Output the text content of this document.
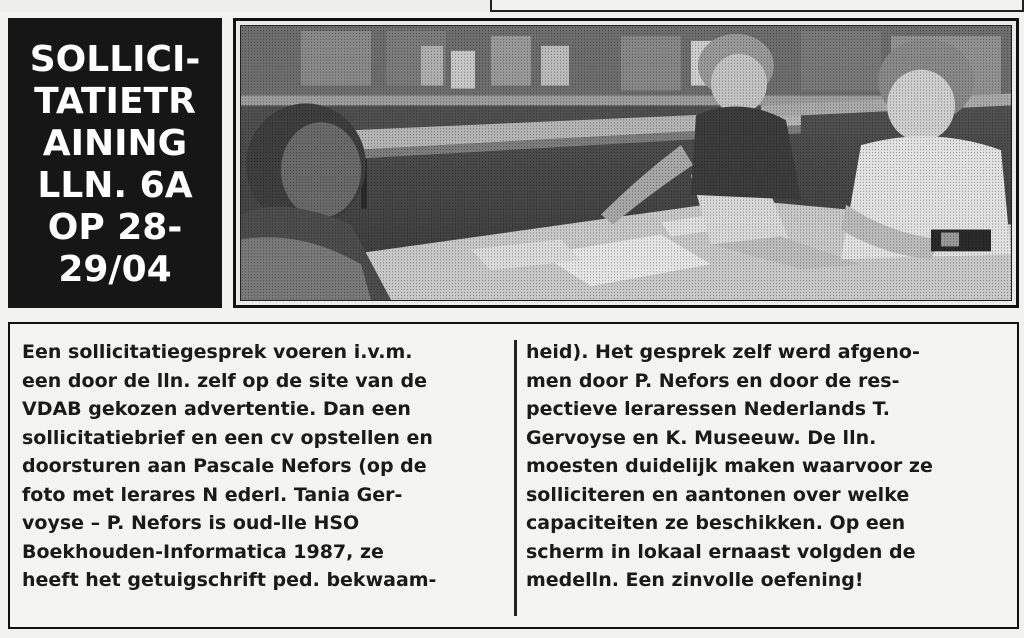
SOLLICI-
TATIETR
AINING
LLN. 6A
OP 28-
29/04
Een sollicitatiegesprek voeren i.v.m.
een door de lln. zelf op de site van de
VDAB gekozen advertentie. Dan een
sollicitatiebrief en een cv opstellen en
doorsturen aan Pascale Nefors (op de
foto met lerares N ederl. Tania Ger-
voyse – P. Nefors is oud-lle HSO
Boekhouden-Informatica 1987, ze
heeft het getuigschrift ped. bekwaam-
heid). Het gesprek zelf werd afgeno-
men door P. Nefors en door de res-
pectieve leraressen Nederlands T.
Gervoyse en K. Museeuw. De lln.
moesten duidelijk maken waarvoor ze
solliciteren en aantonen over welke
capaciteiten ze beschikken. Op een
scherm in lokaal ernaast volgden de
medelln. Een zinvolle oefening!
